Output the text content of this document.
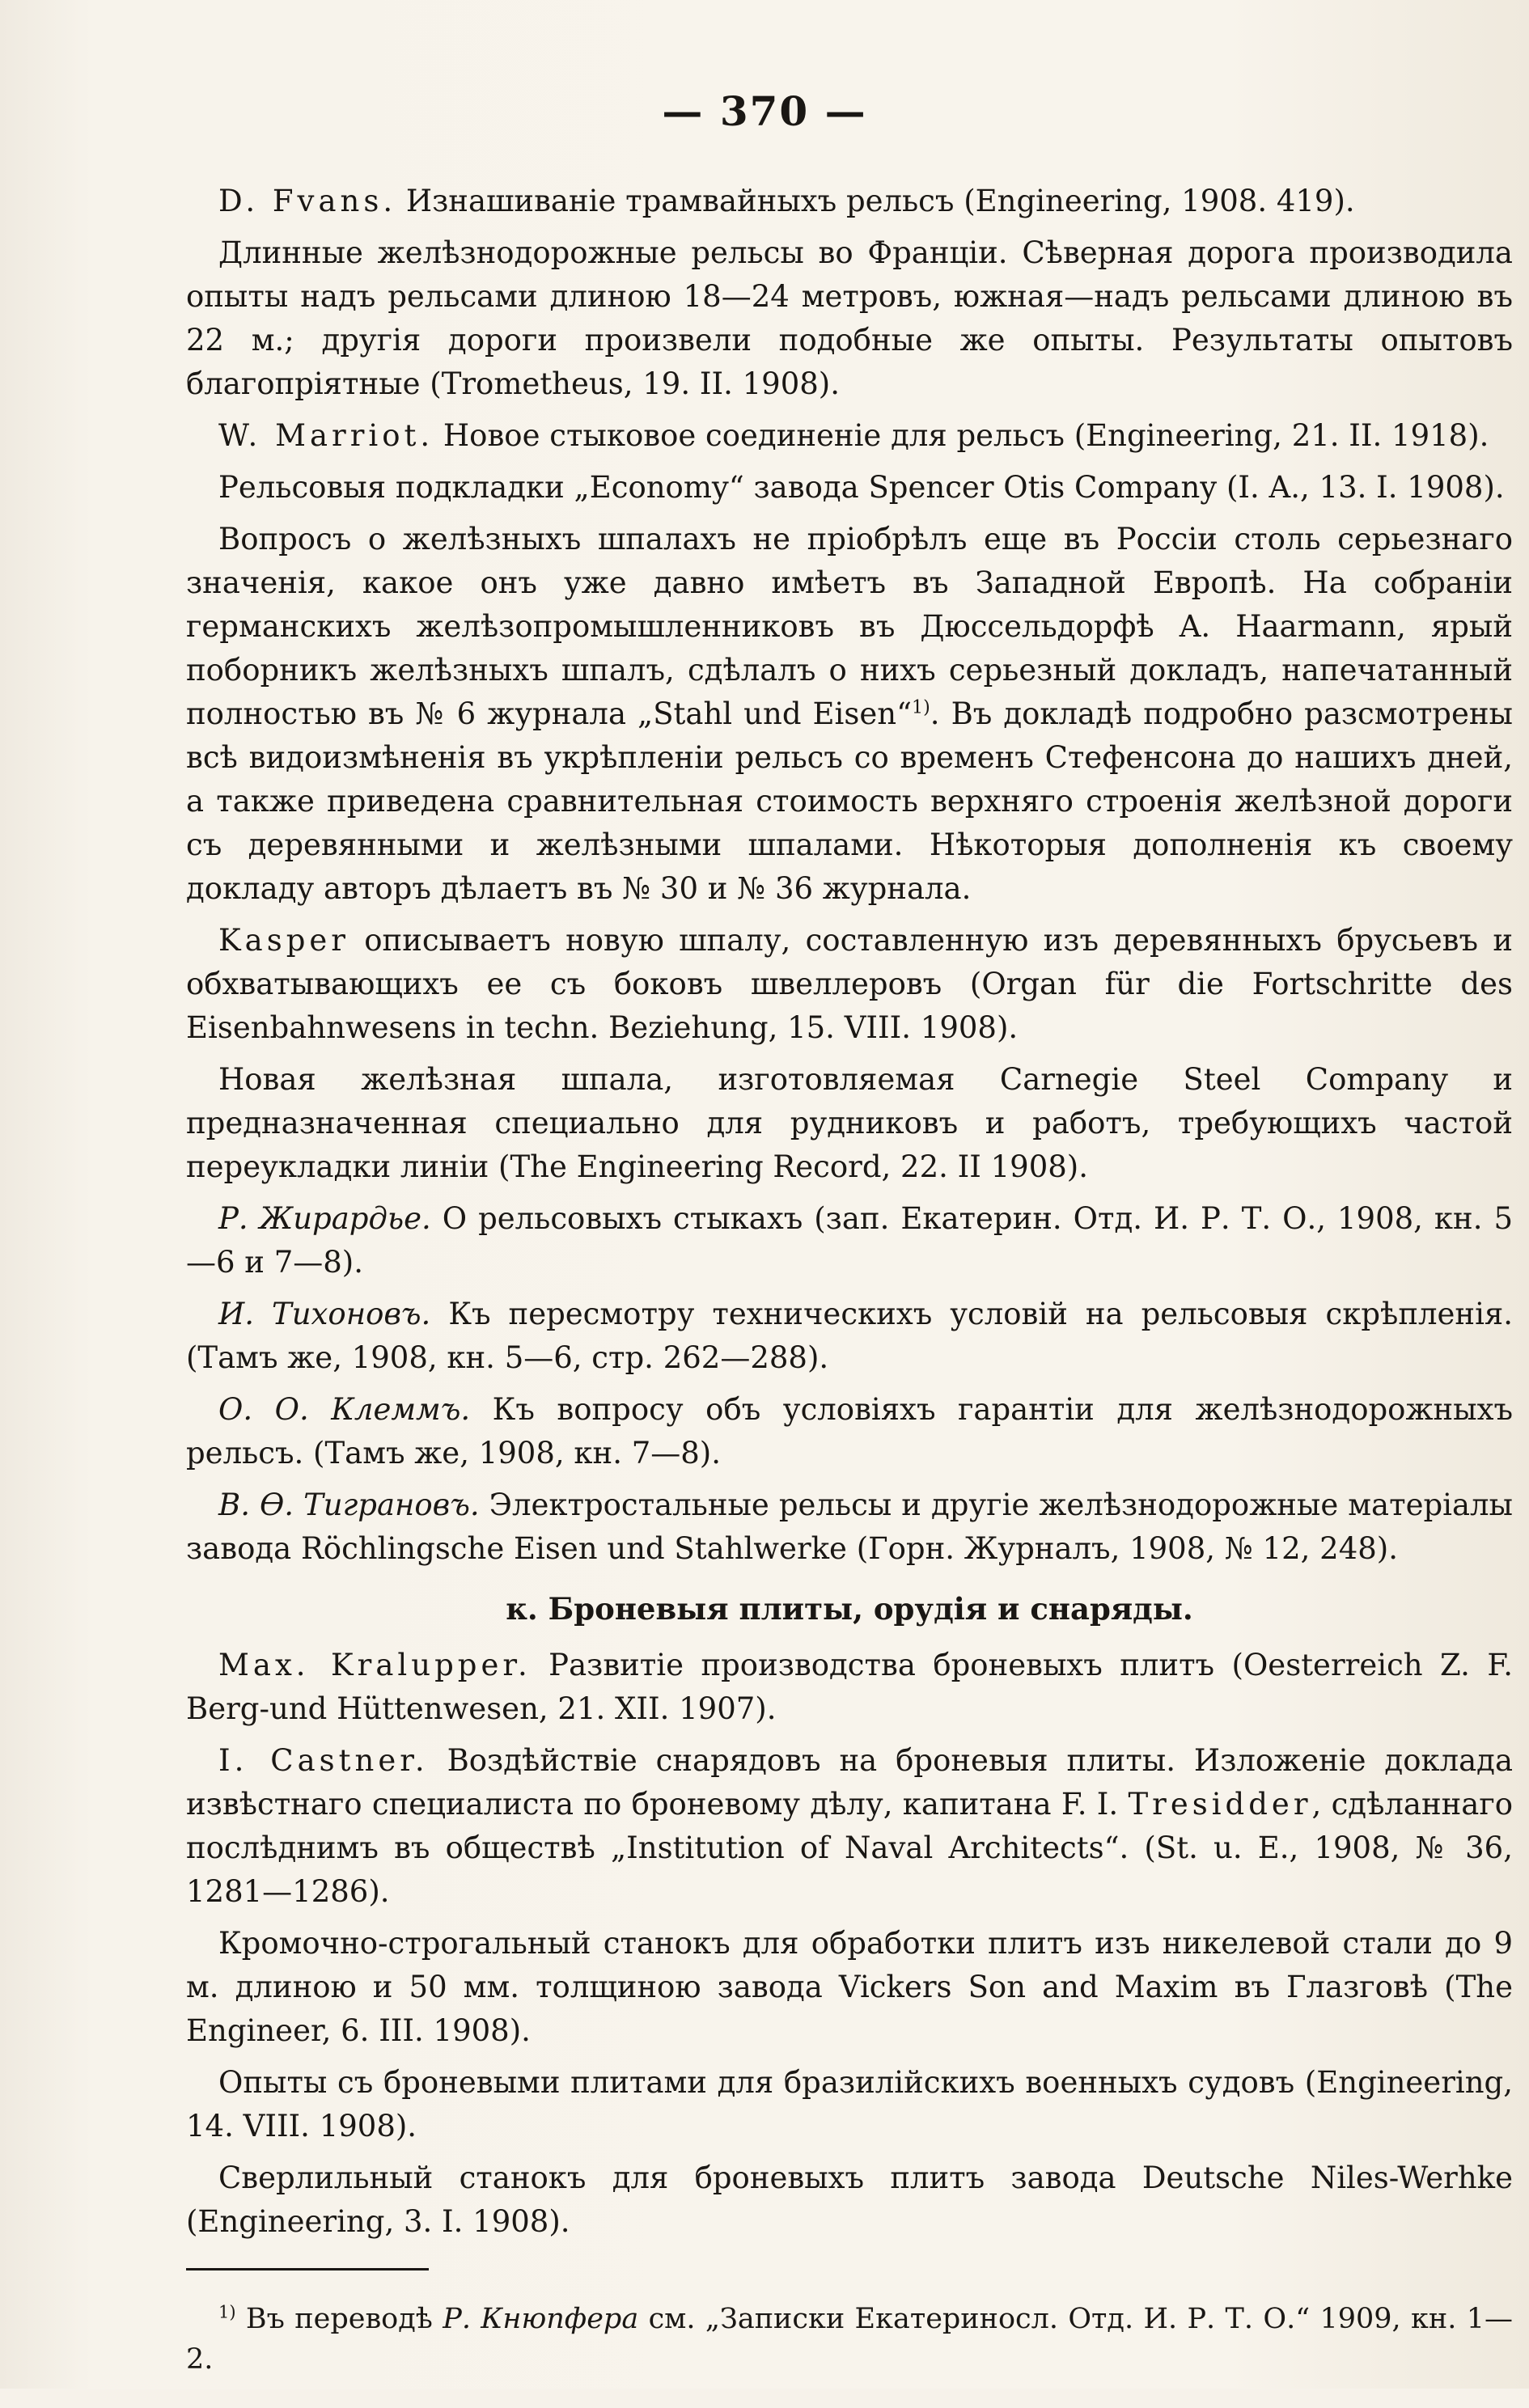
— 370 —

D. Fvans. Изнашиваніе трамвайныхъ рельсъ (Engineering, 1908. 419).

Длинные желѣзнодорожные рельсы во Франціи. Сѣверная дорога производила опыты надъ рельсами длиною 18—24 метровъ, южная—надъ рельсами длиною въ 22 м.; другія дороги произвели подобные же опыты. Результаты опытовъ благопріятные (Trometheus, 19. II. 1908).

W. Marriot. Новое стыковое соединеніе для рельсъ (Engineering, 21. II. 1918).

Рельсовыя подкладки „Economy“ завода Spencer Otis Company (I. A., 13. I. 1908).

Вопросъ о желѣзныхъ шпалахъ не пріобрѣлъ еще въ Россіи столь серьезнаго значенія, какое онъ уже давно имѣетъ въ Западной Европѣ. На собраніи германскихъ желѣзопромышленниковъ въ Дюссельдорфѣ A. Haarmann, ярый поборникъ желѣзныхъ шпалъ, сдѣлалъ о нихъ серьезный докладъ, напечатанный полностью въ № 6 журнала „Stahl und Eisen“$^{1)}$. Въ докладѣ подробно разсмотрены всѣ видоизмѣненія въ укрѣпленіи рельсъ со временъ Стефенсона до нашихъ дней, а также приведена сравнительная стоимость верхняго строенія желѣзной дороги съ деревянными и желѣзными шпалами. Нѣкоторыя дополненія къ своему докладу авторъ дѣлаетъ въ № 30 и № 36 журнала.

Kasper описываетъ новую шпалу, составленную изъ деревянныхъ брусьевъ и обхватывающихъ ее съ боковъ швеллеровъ (Organ für die Fortschritte des Eisenbahnwesens in techn. Beziehung, 15. VIII. 1908).

Новая желѣзная шпала, изготовляемая Carnegie Steel Company и предназначенная специально для рудниковъ и работъ, требующихъ частой переукладки линіи (The Engineering Record, 22. II 1908).

Р. Жирардье. О рельсовыхъ стыкахъ (зап. Екатерин. Отд. И. Р. Т. О., 1908, кн. 5—6 и 7—8).

И. Тихоновъ. Къ пересмотру техническихъ условій на рельсовыя скрѣпленія. (Тамъ же, 1908, кн. 5—6, стр. 262—288).

О. О. Клеммъ. Къ вопросу объ условіяхъ гарантіи для желѣзнодорожныхъ рельсъ. (Тамъ же, 1908, кн. 7—8).

В. Ѳ. Тиграновъ. Электростальные рельсы и другіе желѣзнодорожные матеріалы завода Röchlingsche Eisen und Stahlwerke (Горн. Журналъ, 1908, № 12, 248).

к. Броневыя плиты, орудія и снаряды.

Max. Kralupper. Развитіе производства броневыхъ плитъ (Oesterreich Z. F. Berg-und Hüttenwesen, 21. XII. 1907).

I. Castner. Воздѣйствіе снарядовъ на броневыя плиты. Изложеніе доклада извѣстнаго специалиста по броневому дѣлу, капитана F. I. Tresidder, сдѣланнаго послѣднимъ въ обществѣ „Institution of Naval Architects“. (St. u. E., 1908, № 36, 1281—1286).

Кромочно-строгальный станокъ для обработки плитъ изъ никелевой стали до 9 м. длиною и 50 мм. толщиною завода Vickers Son and Maxim въ Глазговѣ (The Engineer, 6. III. 1908).

Опыты съ броневыми плитами для бразилійскихъ военныхъ судовъ (Engineering, 14. VIII. 1908).

Сверлильный станокъ для броневыхъ плитъ завода Deutsche Niles-Werhke (Engineering, 3. I. 1908).

$^{1)}$ Въ переводѣ Р. Кнюпфера см. „Записки Екатериносл. Отд. И. Р. Т. О.“ 1909, кн. 1—2.
